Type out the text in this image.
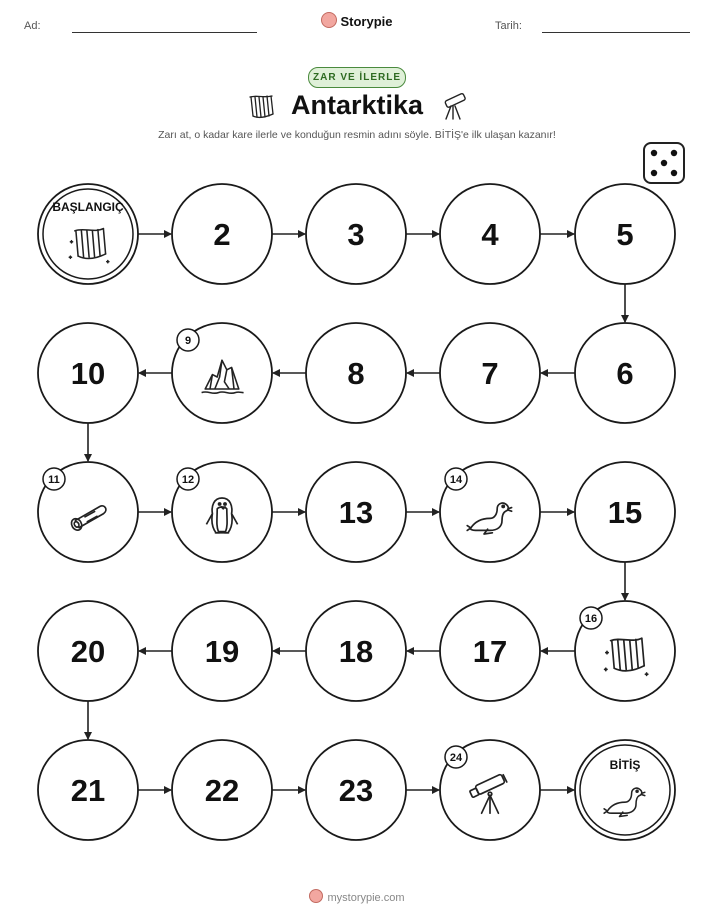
Ad:	Storypie	Tarih:
ZAR VE İLERLE
Antarktika
Zarı at, o kadar kare ilerle ve konduğun resmin adını söyle. BİTİŞ'e ilk ulaşan kazanır!
BAŞLANGIÇ
2	3	4	5
6
7
8
9
10
11	12
13
14
15
16
17
18
19
20
21	22	23
24	BİTİŞ
mystorypie.com
